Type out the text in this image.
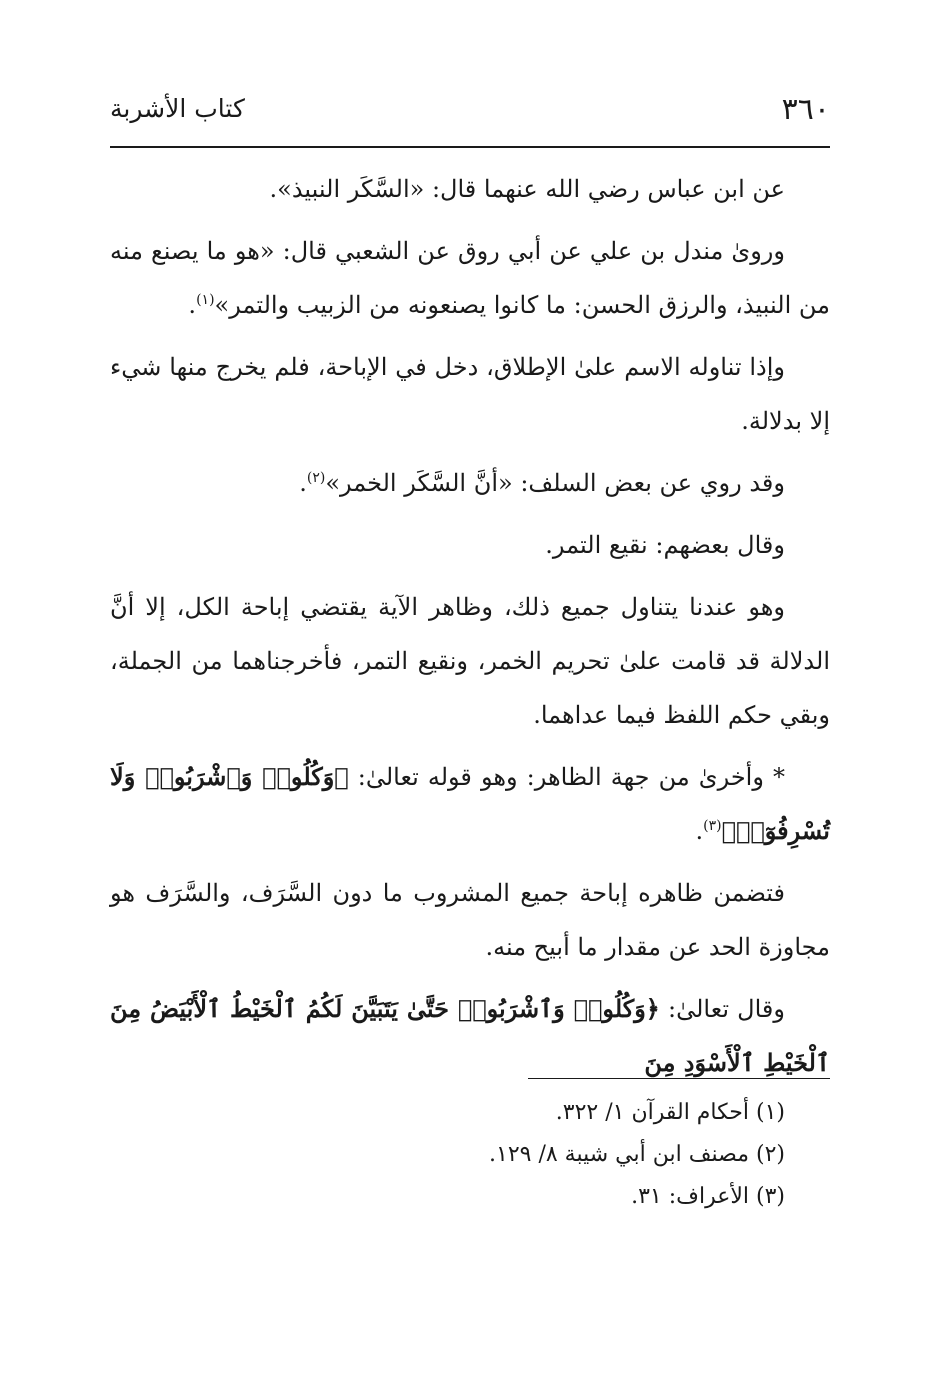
٣٦٠
كتاب الأشربة

عن ابن عباس رضي الله عنهما قال: «السَّكَر النبيذ».

وروىٰ مندل بن علي عن أبي روق عن الشعبي قال: «هو ما يصنع منه من النبيذ، والرزق الحسن: ما كانوا يصنعونه من الزبيب والتمر»$^{(١)}$.

وإذا تناوله الاسم علىٰ الإطلاق، دخل في الإباحة، فلم يخرج منها شيء إلا بدلالة.

وقد روي عن بعض السلف: «أنَّ السَّكَر الخمر»$^{(٢)}$.

وقال بعضهم: نقيع التمر.

وهو عندنا يتناول جميع ذلك، وظاهر الآية يقتضي إباحة الكل، إلا أنَّ الدلالة قد قامت علىٰ تحريم الخمر، ونقيع التمر، فأخرجناهما من الجملة، وبقي حكم اللفظ فيما عداهما.

* وأخرىٰ من جهة الظاهر: وهو قوله تعالىٰ: ﴿وَكُلُوا۟ وَٱشْرَبُوا۟ وَلَا تُسْرِفُوٓا۟﴾$^{(٣)}$.

فتضمن ظاهره إباحة جميع المشروب ما دون السَّرَف، والسَّرَف هو مجاوزة الحد عن مقدار ما أبيح منه.

وقال تعالىٰ: ﴿وَكُلُوا۟ وَٱشْرَبُوا۟ حَتَّىٰ يَتَبَيَّنَ لَكُمُ ٱلْخَيْطُ ٱلْأَبْيَضُ مِنَ ٱلْخَيْطِ ٱلْأَسْوَدِ مِنَ

(١) أحكام القرآن ١/ ٣٢٢.
(٢) مصنف ابن أبي شيبة ٨/ ١٢٩.
(٣) الأعراف: ٣١.
